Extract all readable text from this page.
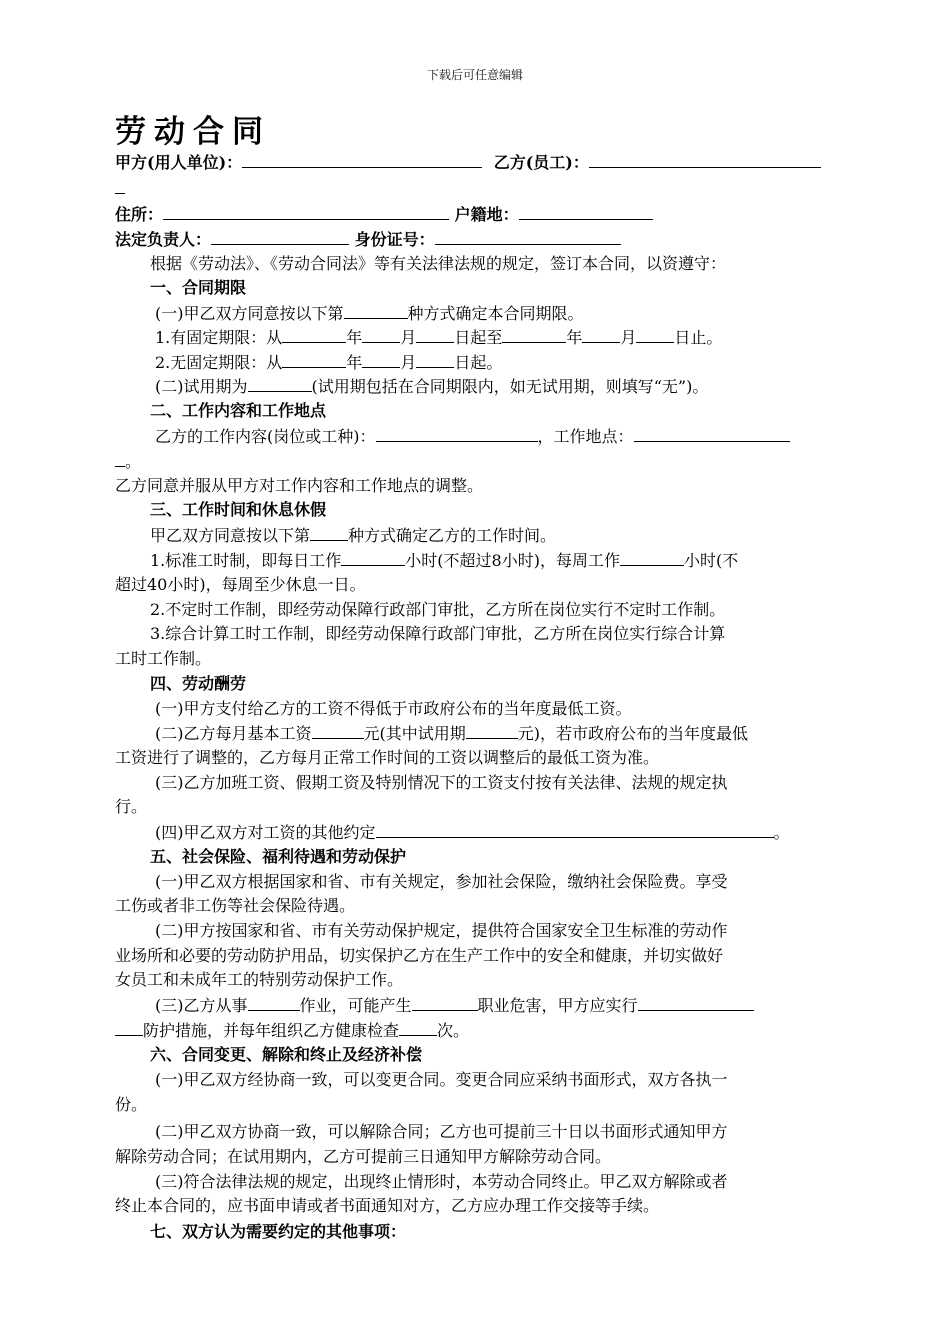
下载后可任意编辑
劳动合同
甲方(用人单位)：	乙方(员工)：
住所：	户籍地：
法定负责人：	身份证号：
根据《劳动法》、《劳动合同法》等有关法律法规的规定，签订本合同，以资遵守：
一、合同期限
(一)甲乙双方同意按以下第	种方式确定本合同期限。
1.有固定期限：从	年 月 日起至	年 月 日止。
2.无固定期限：从	年 月 日起。
(二)试用期为	(试用期包括在合同期限内，如无试用期，则填写“无”)。
二、工作内容和工作地点
乙方的工作内容(岗位或工种)：	，工作地点：
。
乙方同意并服从甲方对工作内容和工作地点的调整。
三、工作时间和休息休假
甲乙双方同意按以下第 种方式确定乙方的工作时间。
1.标准工时制，即每日工作	小时(不超过8小时)，每周工作	小时(不
超过40小时)，每周至少休息一日。
2.不定时工作制，即经劳动保障行政部门审批，乙方所在岗位实行不定时工作制。
3.综合计算工时工作制，即经劳动保障行政部门审批，乙方所在岗位实行综合计算
工时工作制。
四、劳动酬劳
(一)甲方支付给乙方的工资不得低于市政府公布的当年度最低工资。
(二)乙方每月基本工资	元(其中试用期	元)，若市政府公布的当年度最低
工资进行了调整的，乙方每月正常工作时间的工资以调整后的最低工资为准。
(三)乙方加班工资、假期工资及特别情况下的工资支付按有关法律、法规的规定执
行。
(四)甲乙双方对工资的其他约定	。
五、社会保险、福利待遇和劳动保护
(一)甲乙双方根据国家和省、市有关规定，参加社会保险，缴纳社会保险费。享受
工伤或者非工伤等社会保险待遇。
(二)甲方按国家和省、市有关劳动保护规定，提供符合国家安全卫生标准的劳动作
业场所和必要的劳动防护用品，切实保护乙方在生产工作中的安全和健康，并切实做好
女员工和未成年工的特别劳动保护工作。
(三)乙方从事	作业，可能产生	职业危害，甲方应实行
防护措施，并每年组织乙方健康检查 次。
六、合同变更、解除和终止及经济补偿
(一)甲乙双方经协商一致，可以变更合同。变更合同应采纳书面形式，双方各执一
份。
(二)甲乙双方协商一致，可以解除合同；乙方也可提前三十日以书面形式通知甲方
解除劳动合同；在试用期内，乙方可提前三日通知甲方解除劳动合同。
(三)符合法律法规的规定，出现终止情形时，本劳动合同终止。甲乙双方解除或者
终止本合同的，应书面申请或者书面通知对方，乙方应办理工作交接等手续。
七、双方认为需要约定的其他事项：
